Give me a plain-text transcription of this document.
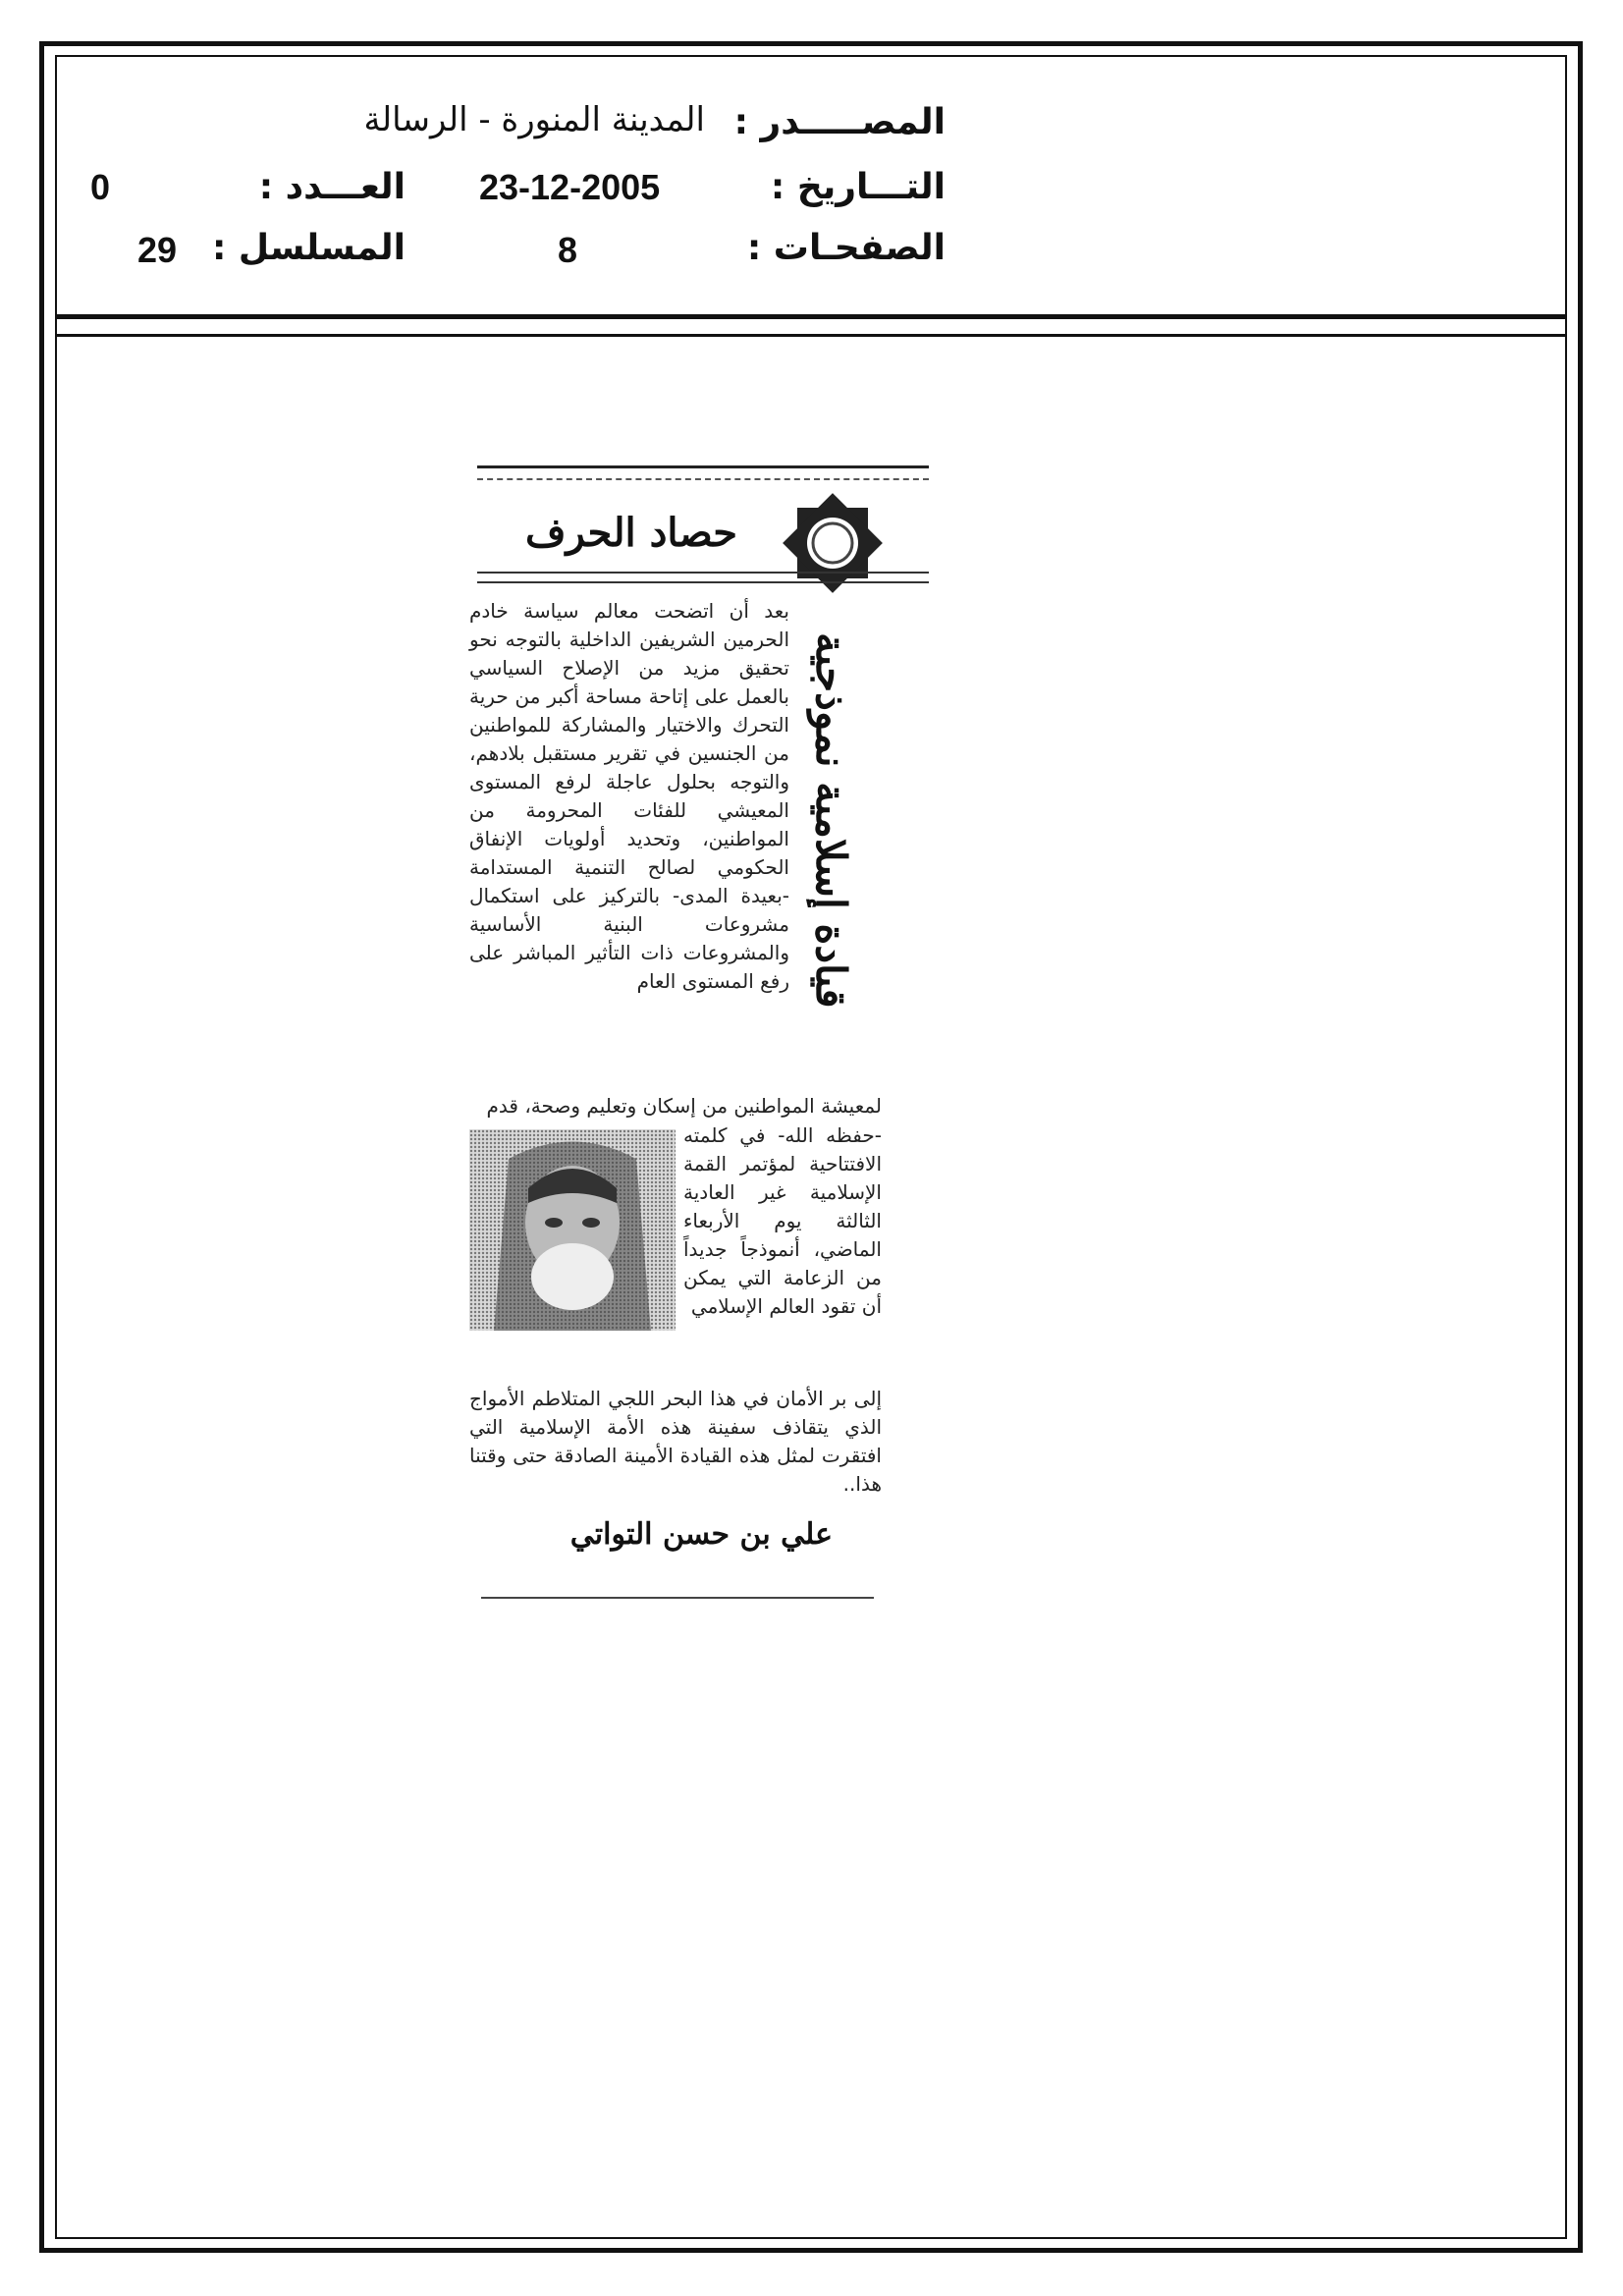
المصـــــدر :
المدينة المنورة - الرسالة
التـــاريخ :
23-12-2005
العـــدد :
0
الصفحـات :
8
المسلسل :
29
حصاد الحرف
قيادة إسلامية نموذجية
بعد أن اتضحت معالم سياسة خادم الحرمين الشريفين الداخلية بالتوجه نحو تحقيق مزيد من الإصلاح السياسي بالعمل على إتاحة مساحة أكبر من حرية التحرك والاختيار والمشاركة للمواطنين من الجنسين في تقرير مستقبل بلادهم، والتوجه بحلول عاجلة لرفع المستوى المعيشي للفئات المحرومة من المواطنين، وتحديد أولويات الإنفاق الحكومي لصالح التنمية المستدامة -بعيدة المدى- بالتركيز على استكمال مشروعات البنية الأساسية والمشروعات ذات التأثير المباشر على رفع المستوى العام
لمعيشة المواطنين من إسكان وتعليم وصحة، قدم
-حفظه الله- في كلمته الافتتاحية لمؤتمر القمة الإسلامية غير العادية الثالثة يوم الأربعاء الماضي، أنموذجاً جديداً من الزعامة التي يمكن أن تقود العالم الإسلامي
إلى بر الأمان في هذا البحر اللجي المتلاطم الأمواج الذي يتقاذف سفينة هذه الأمة الإسلامية التي افتقرت لمثل هذه القيادة الأمينة الصادقة حتى وقتنا هذا..
علي بن حسن التواتي
